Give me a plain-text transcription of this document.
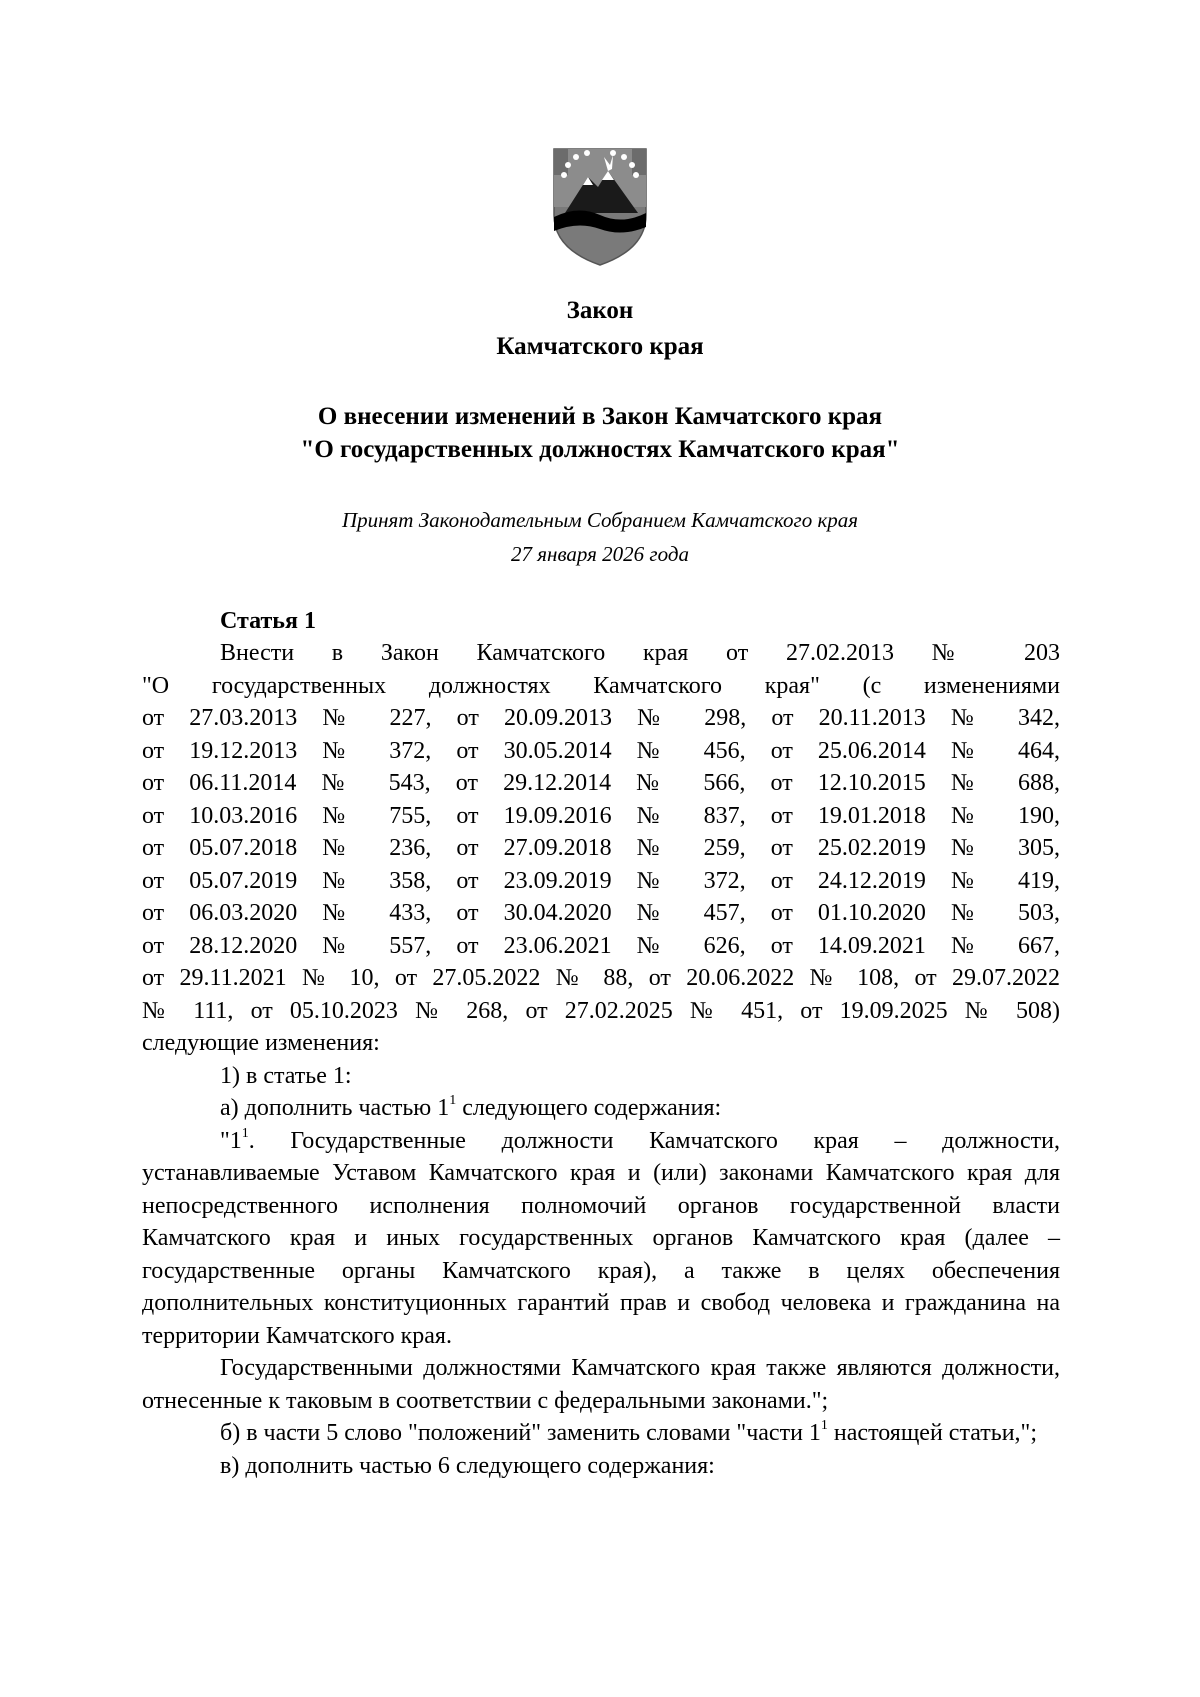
Закон

Камчатского края

О внесении изменений в Закон Камчатского края

"О государственных должностях Камчатского края"

Принят Законодательным Собранием Камчатского края

27 января 2026 года

Статья 1

Внести в Закон Камчатского края от 27.02.2013 № 203

"О государственных должностях Камчатского края" (с изменениями

от 27.03.2013 № 227, от 20.09.2013 № 298, от 20.11.2013 № 342,

от 19.12.2013 № 372, от 30.05.2014 № 456, от 25.06.2014 № 464,

от 06.11.2014 № 543, от 29.12.2014 № 566, от 12.10.2015 № 688,

от 10.03.2016 № 755, от 19.09.2016 № 837, от 19.01.2018 № 190,

от 05.07.2018 № 236, от 27.09.2018 № 259, от 25.02.2019 № 305,

от 05.07.2019 № 358, от 23.09.2019 № 372, от 24.12.2019 № 419,

от 06.03.2020 № 433, от 30.04.2020 № 457, от 01.10.2020 № 503,

от 28.12.2020 № 557, от 23.06.2021 № 626, от 14.09.2021 № 667,

от 29.11.2021 № 10, от 27.05.2022 № 88, от 20.06.2022 № 108, от 29.07.2022

№ 111, от 05.10.2023 № 268, от 27.02.2025 № 451, от 19.09.2025 № 508)

следующие изменения:

1) в статье 1:

а) дополнить частью $1^1$ следующего содержания:

"$1^1$. Государственные должности Камчатского края – должности, устанавливаемые Уставом Камчатского края и (или) законами Камчатского края для непосредственного исполнения полномочий органов государственной власти Камчатского края и иных государственных органов Камчатского края (далее – государственные органы Камчатского края), а также в целях обеспечения дополнительных конституционных гарантий прав и свобод человека и гражданина на территории Камчатского края.

Государственными должностями Камчатского края также являются должности, отнесенные к таковым в соответствии с федеральными законами.";

б) в части 5 слово "положений" заменить словами "части $1^1$ настоящей статьи,";

в) дополнить частью 6 следующего содержания:
